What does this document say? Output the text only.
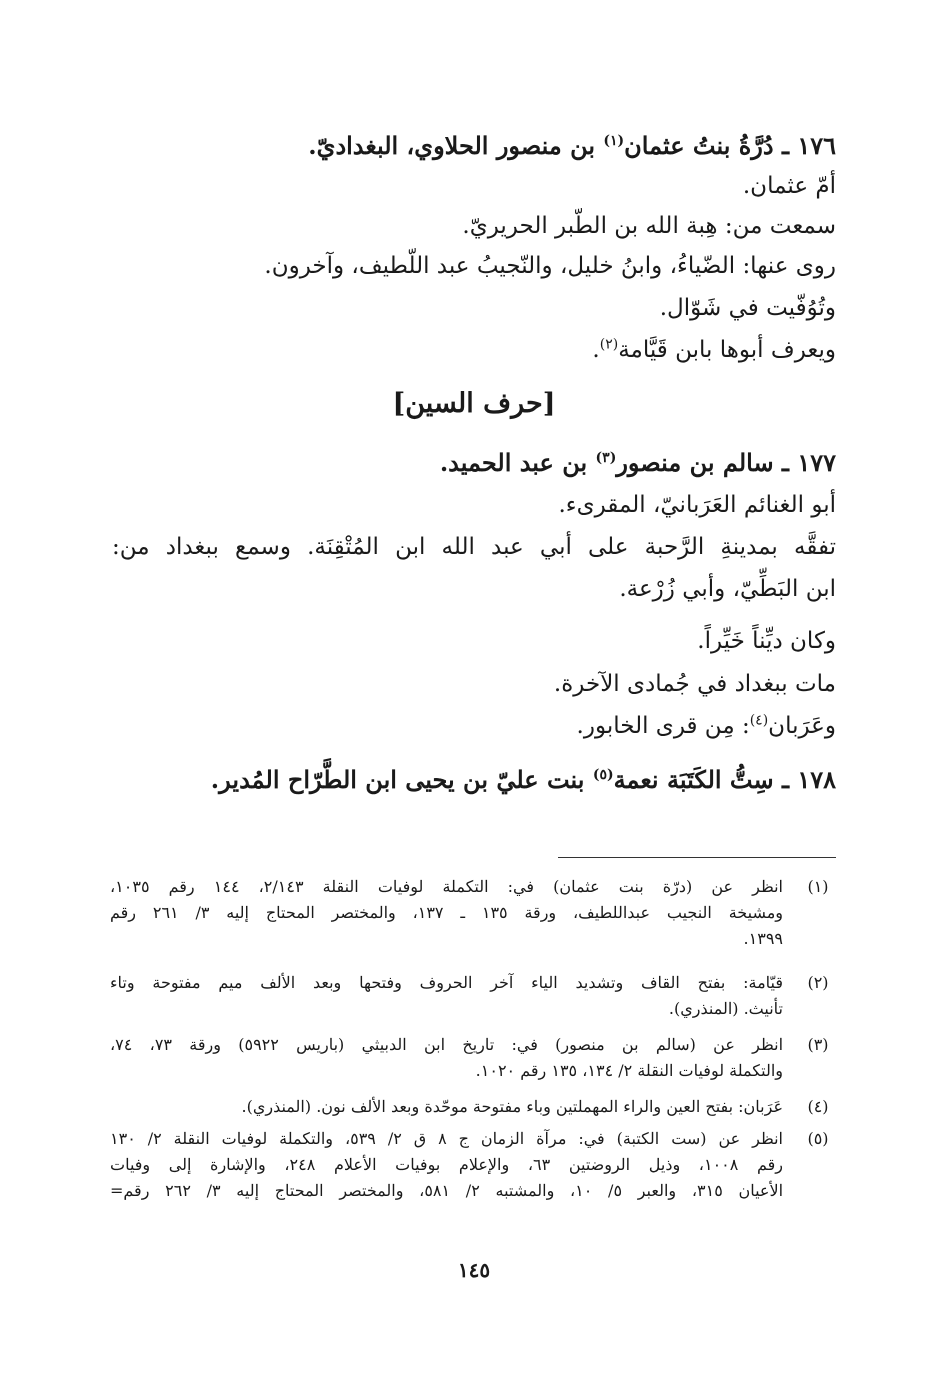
١٧٦ ـ دُرَّةُ بنتُ عثمان$^{(١)}$ بن منصور الحلاوي، البغداديّ.
أمّ عثمان.
سمعت من: هِبة الله بن الطّبر الحريريّ.
روى عنها: الضّياءُ، وابنُ خليل، والنّجيبُ عبد اللّطيف، وآخرون.
وتُوُفّيت في شَوّال.
ويعرف أبوها بابن قَيَّامة$^{(٢)}$.
[حرف السين]
١٧٧ ـ سالم بن منصور$^{(٣)}$ بن عبد الحميد.
أبو الغنائم العَرَبانيّ، المقرىء.
تفقَّه بمدينةِ الرَّحبة على أبي عبد الله ابن المُتْقِنَة. وسمع ببغداد من:
ابن البَطِّيّ، وأبي زُرْعة.
وكان ديِّناً خَيِّراً.
مات ببغداد في جُمادى الآخرة.
وعَرَبان$^{(٤)}$: مِن قرى الخابور.
١٧٨ ـ سِتُّ الكَتَبَة نعمة$^{(٥)}$ بنت عليّ بن يحيى ابن الطَّرّاح المُدير.
(١)
انظر عن (درّة بنت عثمان) في: التكملة لوفيات النقلة ٢/١٤٣، ١٤٤ رقم ١٠٣٥،
ومشيخة النجيب عبداللطيف، ورقة ١٣٥ ـ ١٣٧، والمختصر المحتاج إليه ٣/ ٢٦١ رقم
١٣٩٩.
(٢)
قيّامة: بفتح القاف وتشديد الياء آخر الحروف وفتحها وبعد الألف ميم مفتوحة وتاء
تأنيث. (المنذري).
(٣)
انظر عن (سالم بن منصور) في: تاريخ ابن الدبيثي (باريس ٥٩٢٢) ورقة ٧٣، ٧٤،
والتكملة لوفيات النقلة ٢/ ١٣٤، ١٣٥ رقم ١٠٢٠.
(٤)
عَرَبان: بفتح العين والراء المهملتين وباء مفتوحة موحّدة وبعد الألف نون. (المنذري).
(٥)
انظر عن (ست الكتبة) في: مرآة الزمان ج ٨ ق ٢/ ٥٣٩، والتكملة لوفيات النقلة ٢/ ١٣٠
رقم ١٠٠٨، وذيل الروضتين ٦٣، والإعلام بوفيات الأعلام ٢٤٨، والإشارة إلى وفيات
الأعيان ٣١٥، والعبر ٥/ ١٠، والمشتبه ٢/ ٥٨١، والمختصر المحتاج إليه ٣/ ٢٦٢ رقم=
١٤٥
